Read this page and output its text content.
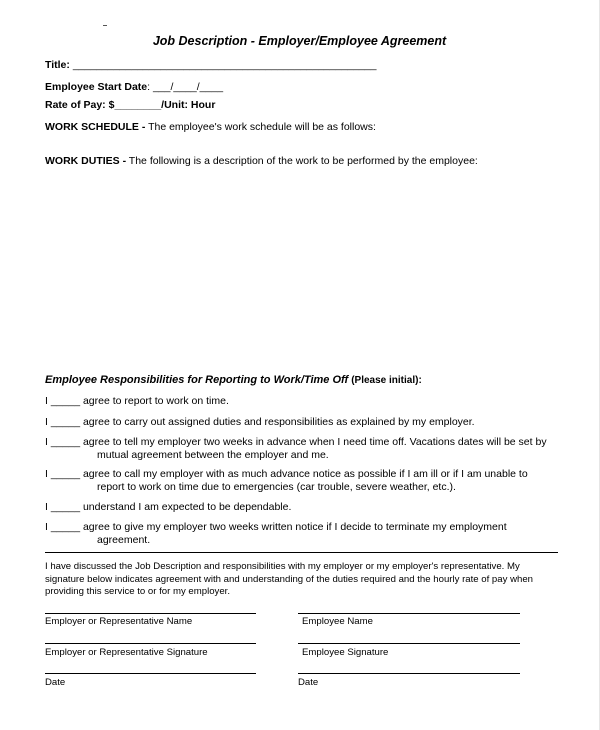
Job Description - Employer/Employee Agreement
Title: ____________________________________________________
Employee Start Date: ___/____/____
Rate of Pay: $________/Unit: Hour
WORK SCHEDULE - The employee's work schedule will be as follows:
WORK DUTIES - The following is a description of the work to be performed by the employee:
Employee Responsibilities for Reporting to Work/Time Off (Please initial):
I _____ agree to report to work on time.
I _____ agree to carry out assigned duties and responsibilities as explained by my employer.
I _____ agree to tell my employer two weeks in advance when I need time off. Vacations dates will be set by
mutual agreement between the employer and me.
I _____ agree to call my employer with as much advance notice as possible if I am ill or if I am unable to
report to work on time due to emergencies (car trouble, severe weather, etc.).
I _____ understand I am expected to be dependable.
I _____ agree to give my employer two weeks written notice if I decide to terminate my employment
agreement.
I have discussed the Job Description and responsibilities with my employer or my employer's representative. My signature below indicates agreement with and understanding of the duties required and the hourly rate of pay when providing this service to or for my employer.
Employer or Representative Name	Employee Name
Employer or Representative Signature	Employee Signature
Date	Date
